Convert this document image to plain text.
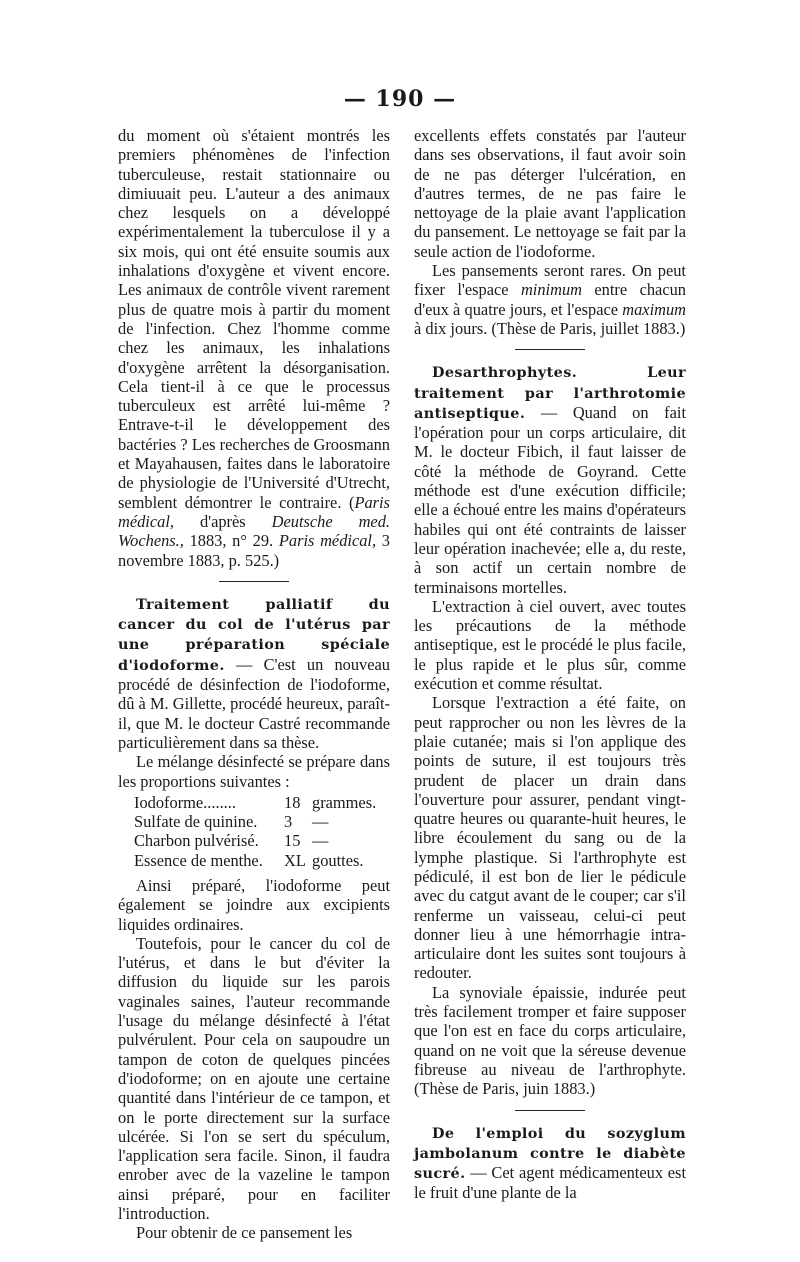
— 190 —

du moment où s'étaient montrés les premiers phénomènes de l'infection tuberculeuse, restait stationnaire ou dimiuuait peu. L'auteur a des animaux chez lesquels on a développé expérimentalement la tuberculose il y a six mois, qui ont été ensuite soumis aux inhalations d'oxygène et vivent encore. Les animaux de contrôle vivent rarement plus de quatre mois à partir du moment de l'infection. Chez l'homme comme chez les animaux, les inhalations d'oxygène arrêtent la désorganisation. Cela tient-il à ce que le processus tuberculeux est arrêté lui-même ? Entrave-t-il le développement des bactéries ? Les recherches de Groosmann et Mayahausen, faites dans le laboratoire de physiologie de l'Université d'Utrecht, semblent démontrer le contraire. (Paris médical, d'après Deutsche med. Wochens., 1883, n° 29. Paris médical, 3 novembre 1883, p. 525.)

Traitement palliatif du cancer du col de l'utérus par une préparation spéciale d'iodoforme. — C'est un nouveau procédé de désinfection de l'iodoforme, dû à M. Gillette, procédé heureux, paraît-il, que M. le docteur Castré recommande particulièrement dans sa thèse.

Le mélange désinfecté se prépare dans les proportions suivantes :

Iodoforme........	18 grammes.
Sulfate de quinine.	3	—
Charbon pulvérisé.	15 —
Essence de menthe.	XL gouttes.

Ainsi préparé, l'iodoforme peut également se joindre aux excipients liquides ordinaires.

Toutefois, pour le cancer du col de l'utérus, et dans le but d'éviter la diffusion du liquide sur les parois vaginales saines, l'auteur recommande l'usage du mélange désinfecté à l'état pulvérulent. Pour cela on saupoudre un tampon de coton de quelques pincées d'iodoforme; on en ajoute une certaine quantité dans l'intérieur de ce tampon, et on le porte directement sur la surface ulcérée. Si l'on se sert du spéculum, l'application sera facile. Sinon, il faudra enrober avec de la vazeline le tampon ainsi préparé, pour en faciliter l'introduction.

Pour obtenir de ce pansement les

excellents effets constatés par l'auteur dans ses observations, il faut avoir soin de ne pas déterger l'ulcération, en d'autres termes, de ne pas faire le nettoyage de la plaie avant l'application du pansement. Le nettoyage se fait par la seule action de l'iodoforme.

Les pansements seront rares. On peut fixer l'espace minimum entre chacun d'eux à quatre jours, et l'espace maximum à dix jours. (Thèse de Paris, juillet 1883.)

Desarthrophytes. Leur traitement par l'arthrotomie antiseptique. — Quand on fait l'opération pour un corps articulaire, dit M. le docteur Fibich, il faut laisser de côté la méthode de Goyrand. Cette méthode est d'une exécution difficile; elle a échoué entre les mains d'opérateurs habiles qui ont été contraints de laisser leur opération inachevée; elle a, du reste, à son actif un certain nombre de terminaisons mortelles.

L'extraction à ciel ouvert, avec toutes les précautions de la méthode antiseptique, est le procédé le plus facile, le plus rapide et le plus sûr, comme exécution et comme résultat.

Lorsque l'extraction a été faite, on peut rapprocher ou non les lèvres de la plaie cutanée; mais si l'on applique des points de suture, il est toujours très prudent de placer un drain dans l'ouverture pour assurer, pendant vingt-quatre heures ou quarante-huit heures, le libre écoulement du sang ou de la lymphe plastique. Si l'arthrophyte est pédiculé, il est bon de lier le pédicule avec du catgut avant de le couper; car s'il renferme un vaisseau, celui-ci peut donner lieu à une hémorrhagie intra-articulaire dont les suites sont toujours à redouter.

La synoviale épaissie, indurée peut très facilement tromper et faire supposer que l'on est en face du corps articulaire, quand on ne voit que la séreuse devenue fibreuse au niveau de l'arthrophyte. (Thèse de Paris, juin 1883.)

De l'emploi du sozyglum jambolanum contre le diabète sucré. — Cet agent médicamenteux est le fruit d'une plante de la
